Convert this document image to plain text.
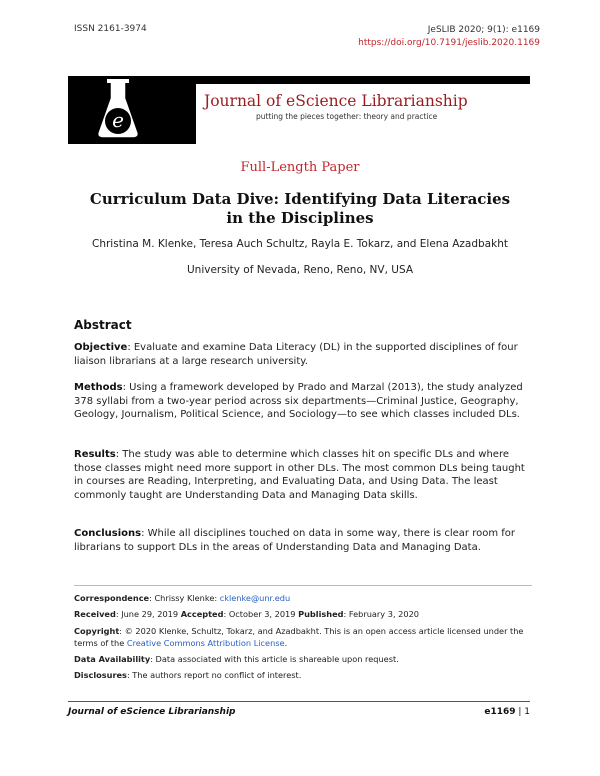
ISSN 2161-3974	JeSLIB 2020; 9(1): e1169
https://doi.org/10.7191/jeslib.2020.1169
e
Journal of eScience Librarianship
putting the pieces together: theory and practice
Full-Length Paper
Curriculum Data Dive: Identifying Data Literacies
in the Disciplines
Christina M. Klenke, Teresa Auch Schultz, Rayla E. Tokarz, and Elena Azadbakht
University of Nevada, Reno, Reno, NV, USA
Abstract
Objective: Evaluate and examine Data Literacy (DL) in the supported disciplines of four liaison librarians at a large research university.
Methods: Using a framework developed by Prado and Marzal (2013), the study analyzed 378 syllabi from a two-year period across six departments—Criminal Justice, Geography, Geology, Journalism, Political Science, and Sociology—to see which classes included DLs.
Results: The study was able to determine which classes hit on specific DLs and where those classes might need more support in other DLs. The most common DLs being taught in courses are Reading, Interpreting, and Evaluating Data, and Using Data. The least commonly taught are Understanding Data and Managing Data skills.
Conclusions: While all disciplines touched on data in some way, there is clear room for librarians to support DLs in the areas of Understanding Data and Managing Data.
Correspondence: Chrissy Klenke: cklenke@unr.edu
Received: June 29, 2019 Accepted: October 3, 2019 Published: February 3, 2020
Copyright: © 2020 Klenke, Schultz, Tokarz, and Azadbakht. This is an open access article licensed under the terms of the Creative Commons Attribution License.
Data Availability: Data associated with this article is shareable upon request.
Disclosures: The authors report no conflict of interest.
Journal of eScience Librarianship	e1169 | 1
